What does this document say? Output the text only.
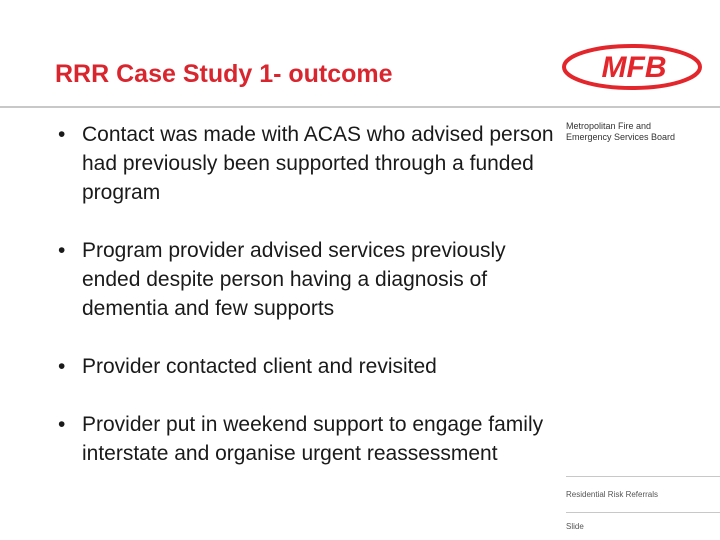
RRR Case Study 1- outcome	MFB
Metropolitan Fire and
Emergency Services Board
• Contact was made with ACAS who advised person had previously been supported through a funded program
• Program provider advised services previously ended despite person having a diagnosis of dementia and few supports
• Provider contacted client and revisited
• Provider put in weekend support to engage family interstate and organise urgent reassessment
Residential Risk Referrals
Slide
